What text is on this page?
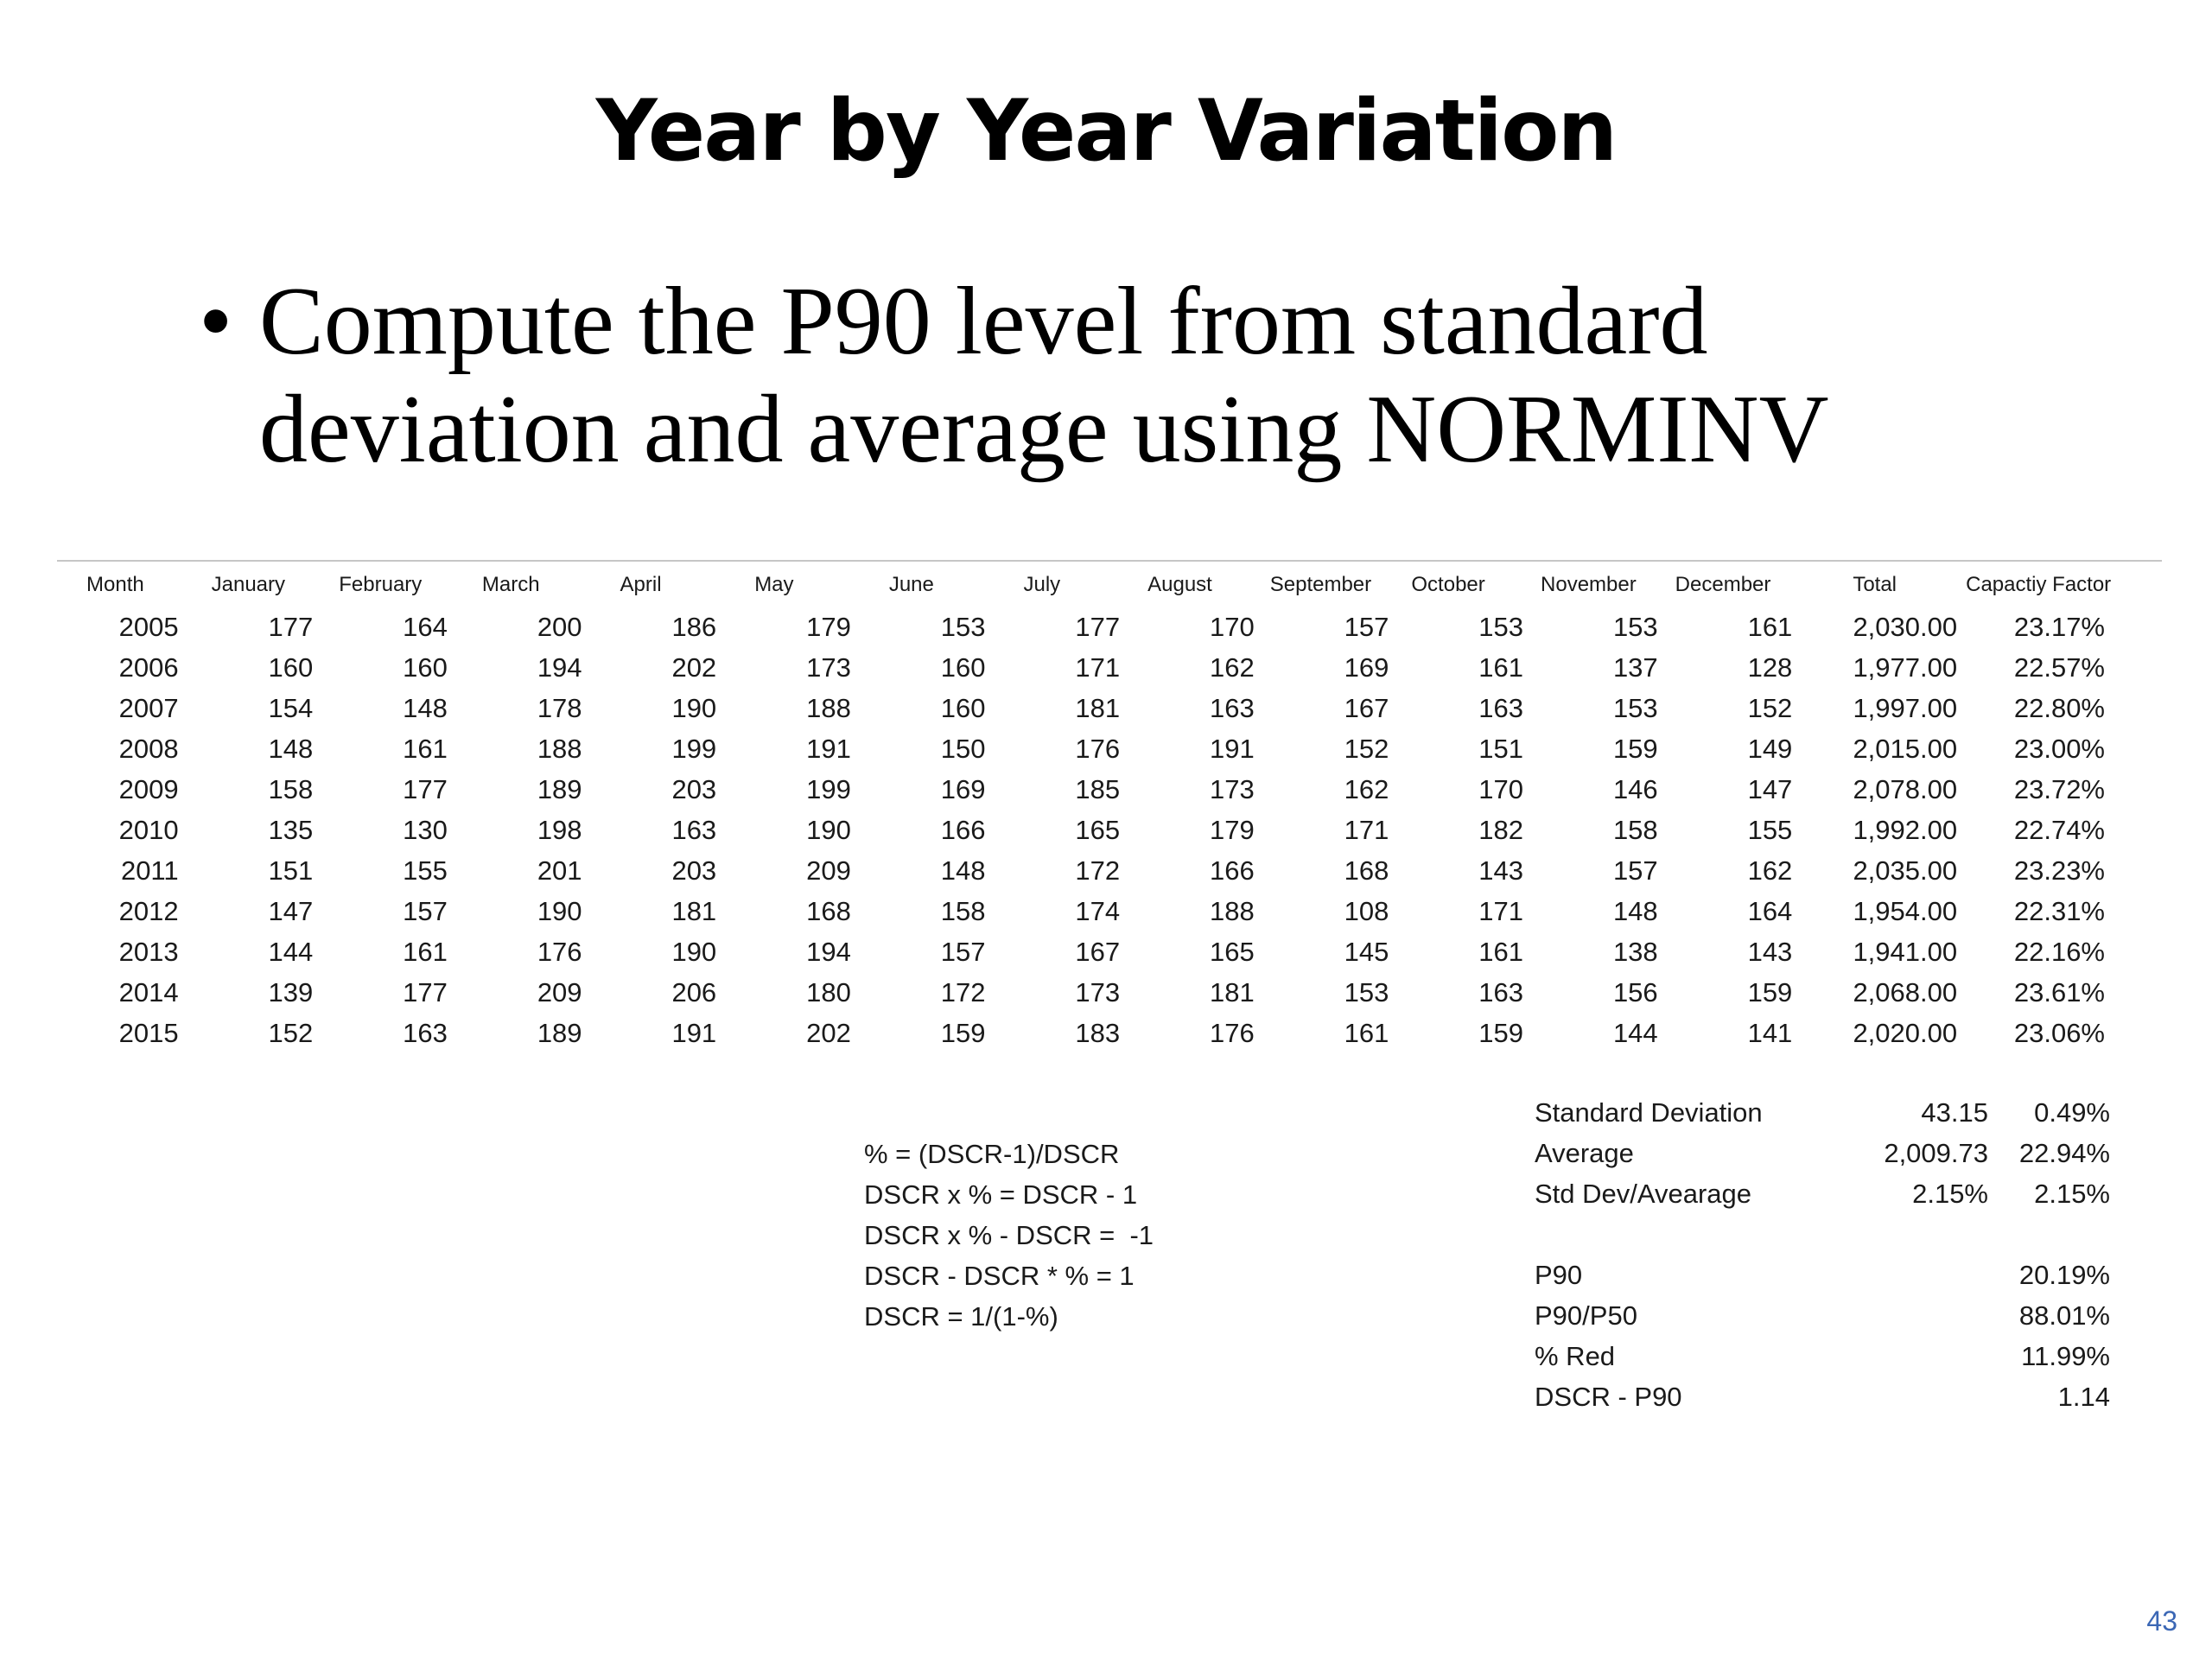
Year by Year Variation
• Compute the P90 level from standard deviation and average using NORMINV
Month	January	February	March	April	May	June	July	August	September	October	November	December	Total	Capactiy Factor
2005	177	164	200	186	179	153	177	170	157	153	153	161	2,030.00	23.17%
2006	160	160	194	202	173	160	171	162	169	161	137	128	1,977.00	22.57%
2007	154	148	178	190	188	160	181	163	167	163	153	152	1,997.00	22.80%
2008	148	161	188	199	191	150	176	191	152	151	159	149	2,015.00	23.00%
2009	158	177	189	203	199	169	185	173	162	170	146	147	2,078.00	23.72%
2010	135	130	198	163	190	166	165	179	171	182	158	155	1,992.00	22.74%
2011	151	155	201	203	209	148	172	166	168	143	157	162	2,035.00	23.23%
2012	147	157	190	181	168	158	174	188	108	171	148	164	1,954.00	22.31%
2013	144	161	176	190	194	157	167	165	145	161	138	143	1,941.00	22.16%
2014	139	177	209	206	180	172	173	181	153	163	156	159	2,068.00	23.61%
2015	152	163	189	191	202	159	183	176	161	159	144	141	2,020.00	23.06%
% = (DSCR-1)/DSCR
DSCR x % = DSCR - 1
DSCR x % - DSCR =  -1
DSCR - DSCR * % = 1
DSCR = 1/(1-%)
Standard Deviation	43.15 0.49%
Average	2,009.73 22.94%
Std Dev/Avearage	2.15% 2.15%
P90	20.19%
P90/P50	88.01%
% Red	11.99%
DSCR - P90	1.14
43
